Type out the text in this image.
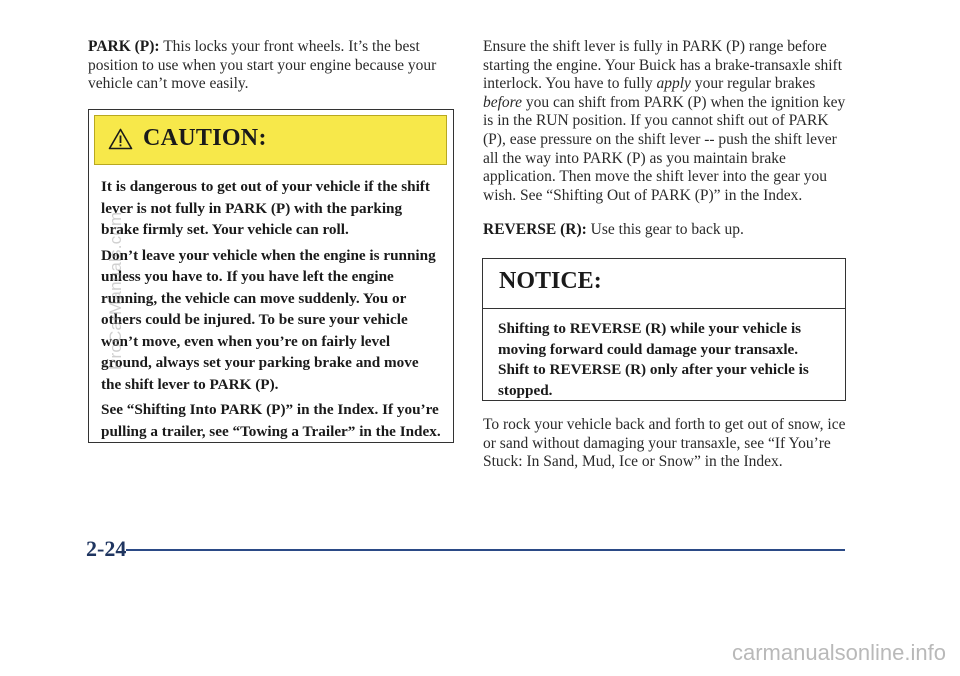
PARK (P): This locks your front wheels. It’s the best position to use when you start your engine because your vehicle can’t move easily.

CAUTION:

It is dangerous to get out of your vehicle if the shift lever is not fully in PARK (P) with the parking brake firmly set. Your vehicle can roll.

Don’t leave your vehicle when the engine is running unless you have to. If you have left the engine running, the vehicle can move suddenly. You or others could be injured. To be sure your vehicle won’t move, even when you’re on fairly level ground, always set your parking brake and move the shift lever to PARK (P).

See “Shifting Into PARK (P)” in the Index. If you’re pulling a trailer, see “Towing a Trailer” in the Index.

Ensure the shift lever is fully in PARK (P) range before starting the engine. Your Buick has a brake-transaxle shift interlock. You have to fully apply your regular brakes before you can shift from PARK (P) when the ignition key is in the RUN position. If you cannot shift out of PARK (P), ease pressure on the shift lever -- push the shift lever all the way into PARK (P) as you maintain brake application. Then move the shift lever into the gear you wish. See “Shifting Out of PARK (P)” in the Index.

REVERSE (R): Use this gear to back up.

NOTICE:

Shifting to REVERSE (R) while your vehicle is moving forward could damage your transaxle. Shift to REVERSE (R) only after your vehicle is stopped.

To rock your vehicle back and forth to get out of snow, ice or sand without damaging your transaxle, see “If You’re Stuck: In Sand, Mud, Ice or Snow” in the Index.

2-24
ProCarManuals.com
carmanualsonline.info
